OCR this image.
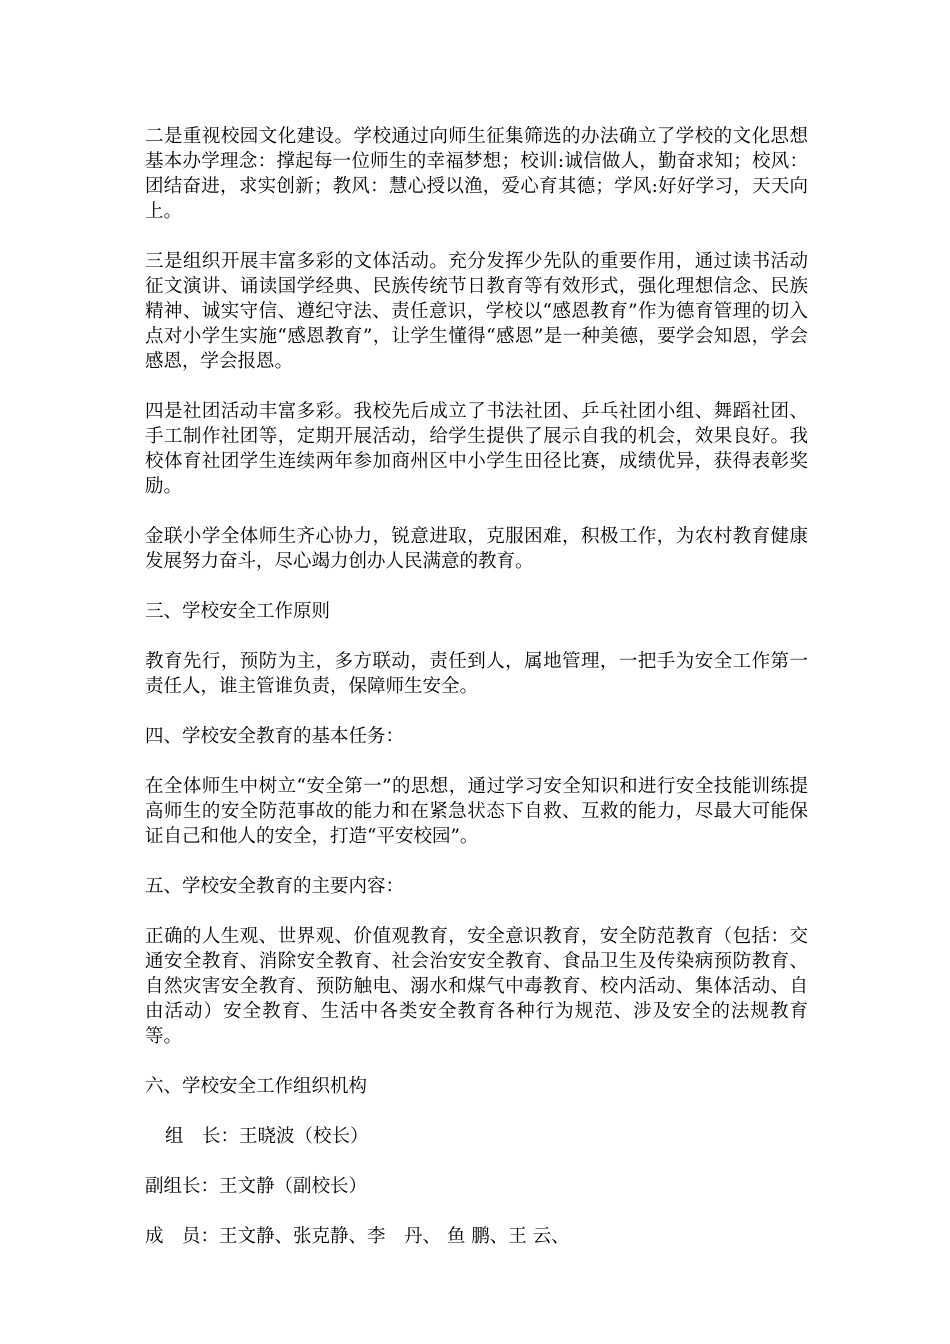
二是重视校园文化建设。学校通过向师生征集筛选的办法确立了学校的文化思想基本办学理念：撑起每一位师生的幸福梦想；校训:诚信做人，勤奋求知；校风：团结奋进，求实创新；教风：慧心授以渔，爱心育其德；学风:好好学习，天天向上。

三是组织开展丰富多彩的文体活动。充分发挥少先队的重要作用，通过读书活动征文演讲、诵读国学经典、民族传统节日教育等有效形式，强化理想信念、民族精神、诚实守信、遵纪守法、责任意识，学校以“感恩教育”作为德育管理的切入点对小学生实施“感恩教育”，让学生懂得“感恩”是一种美德，要学会知恩，学会感恩，学会报恩。

四是社团活动丰富多彩。我校先后成立了书法社团、乒乓社团小组、舞蹈社团、手工制作社团等，定期开展活动，给学生提供了展示自我的机会，效果良好。我校体育社团学生连续两年参加商州区中小学生田径比赛，成绩优异，获得表彰奖励。

金联小学全体师生齐心协力，锐意进取，克服困难，积极工作，为农村教育健康发展努力奋斗，尽心竭力创办人民满意的教育。

三、学校安全工作原则

教育先行，预防为主，多方联动，责任到人，属地管理，一把手为安全工作第一责任人，谁主管谁负责，保障师生安全。

四、学校安全教育的基本任务：

在全体师生中树立“安全第一”的思想，通过学习安全知识和进行安全技能训练提高师生的安全防范事故的能力和在紧急状态下自救、互救的能力，尽最大可能保证自己和他人的安全，打造“平安校园”。

五、学校安全教育的主要内容：

正确的人生观、世界观、价值观教育，安全意识教育，安全防范教育（包括：交通安全教育、消除安全教育、社会治安安全教育、食品卫生及传染病预防教育、自然灾害安全教育、预防触电、溺水和煤气中毒教育、校内活动、集体活动、自由活动）安全教育、生活中各类安全教育各种行为规范、涉及安全的法规教育等。

六、学校安全工作组织机构

组　长：王晓波（校长）

副组长：王文静（副校长）

成　员：王文静、张克静、李　丹、 鱼 鹏、王 云、
